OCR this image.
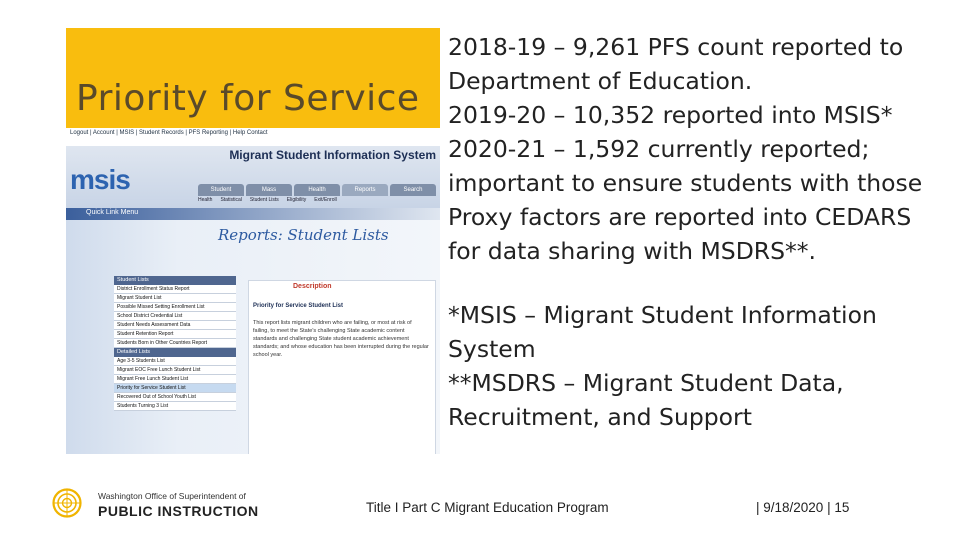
Priority for Service
Logout | Account | MSIS | Student Records | PFS Reporting | Help Contact
Migrant Student Information System
msis	Student	Mass	Health	Reports	Search
Health Statistical Student Lists Eligibility Exit/Enroll
Quick Link Menu
Reports: Student Lists
Student Lists
District Enrollment Status Report
Migrant Student List
Possible Missed Setting Enrollment List
School District Credential List
Student Needs Assessment Data
Student Retention Report
Students Born in Other Countries Report
Detailed Lists
Age 3-5 Students List
Migrant EOC Free Lunch Student List
Migrant Free Lunch Student List
Priority for Service Student List
Recovered Out of School Youth List
Students Turning 3 List
Description
Priority for Service Student List
This report lists migrant children who are failing, or most at risk of failing, to meet the State's challenging State academic content standards and challenging State student academic achievement standards; and whose education has been interrupted during the regular school year.

2018-19 – 9,261 PFS count reported to Department of Education.

2019-20 – 10,352 reported into MSIS*

2020-21 – 1,592 currently reported; important to ensure students with those Proxy factors are reported into CEDARS for data sharing with MSDRS**.

*MSIS – Migrant Student Information System

**MSDRS – Migrant Student Data, Recruitment, and Support

Washington Office of Superintendent of
PUBLIC INSTRUCTION	Title I Part C Migrant Education Program	| 9/18/2020 | 15
